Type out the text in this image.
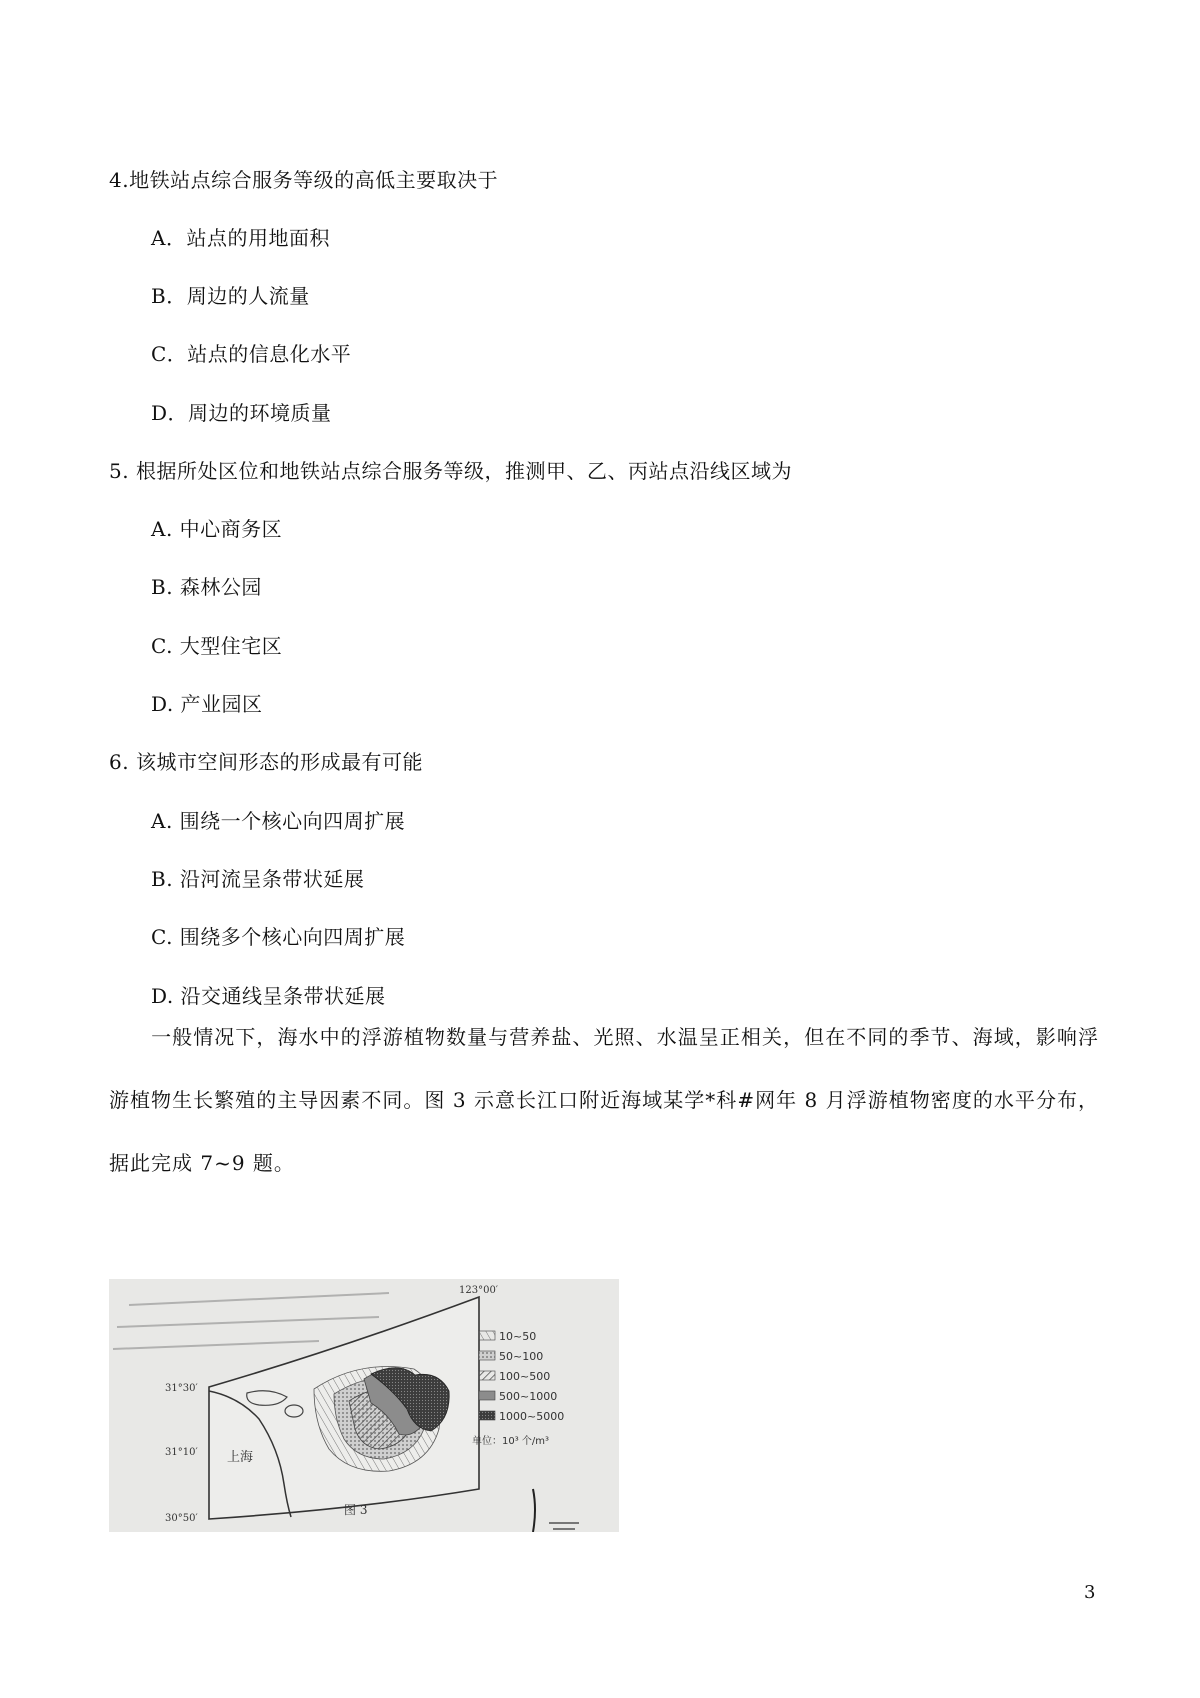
4.地铁站点综合服务等级的高低主要取决于
A．站点的用地面积
B．周边的人流量
C．站点的信息化水平
D．周边的环境质量
5. 根据所处区位和地铁站点综合服务等级，推测甲、乙、丙站点沿线区域为
A. 中心商务区
B. 森林公园
C. 大型住宅区
D. 产业园区
6. 该城市空间形态的形成最有可能
A. 围绕一个核心向四周扩展
B. 沿河流呈条带状延展
C. 围绕多个核心向四周扩展
D. 沿交通线呈条带状延展
一般情况下，海水中的浮游植物数量与营养盐、光照、水温呈正相关，但在不同的季节、海域，影响浮游植物生长繁殖的主导因素不同。图 3 示意长江口附近海域某学*科#网年 8 月浮游植物密度的水平分布，据此完成 7~9 题。
31°30′
31°10′
30°50′
123°00′
上海
10~50
50~100
100~500
500~1000
1000~5000
单位：10³ 个/m³
图 3
3
